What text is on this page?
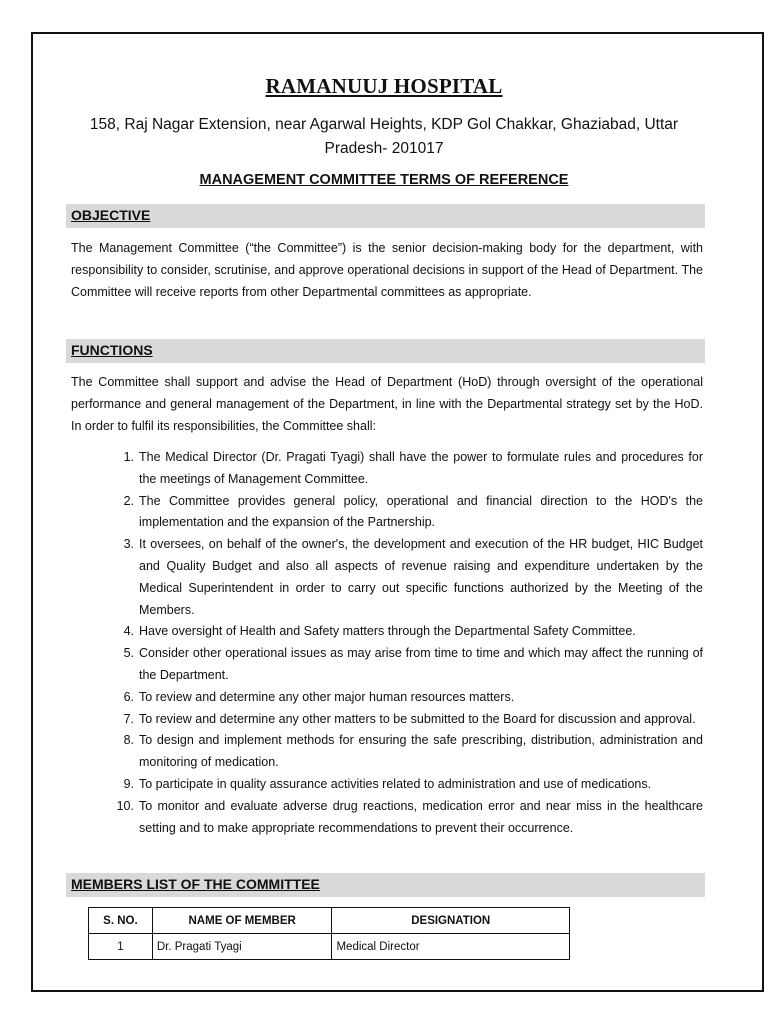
RAMANUUJ HOSPITAL
158, Raj Nagar Extension, near Agarwal Heights, KDP Gol Chakkar, Ghaziabad, Uttar Pradesh- 201017
MANAGEMENT COMMITTEE TERMS OF REFERENCE
OBJECTIVE
The Management Committee (“the Committee”) is the senior decision-making body for the department, with responsibility to consider, scrutinise, and approve operational decisions in support of the Head of Department. The Committee will receive reports from other Departmental committees as appropriate.
FUNCTIONS
The Committee shall support and advise the Head of Department (HoD) through oversight of the operational performance and general management of the Department, in line with the Departmental strategy set by the HoD. In order to fulfil its responsibilities, the Committee shall:
1. The Medical Director (Dr. Pragati Tyagi) shall have the power to formulate rules and procedures for the meetings of Management Committee.
2. The Committee provides general policy, operational and financial direction to the HOD's the implementation and the expansion of the Partnership.
3. It oversees, on behalf of the owner's, the development and execution of the HR budget, HIC Budget and Quality Budget and also all aspects of revenue raising and expenditure undertaken by the Medical Superintendent in order to carry out specific functions authorized by the Meeting of the Members.
4. Have oversight of Health and Safety matters through the Departmental Safety Committee.
5. Consider other operational issues as may arise from time to time and which may affect the running of the Department.
6. To review and determine any other major human resources matters.
7. To review and determine any other matters to be submitted to the Board for discussion and approval.
8. To design and implement methods for ensuring the safe prescribing, distribution, administration and monitoring of medication.
9. To participate in quality assurance activities related to administration and use of medications.
10. To monitor and evaluate adverse drug reactions, medication error and near miss in the healthcare setting and to make appropriate recommendations to prevent their occurrence.
MEMBERS LIST OF THE COMMITTEE
S. NO.	NAME OF MEMBER	DESIGNATION
1	Dr. Pragati Tyagi	Medical Director
